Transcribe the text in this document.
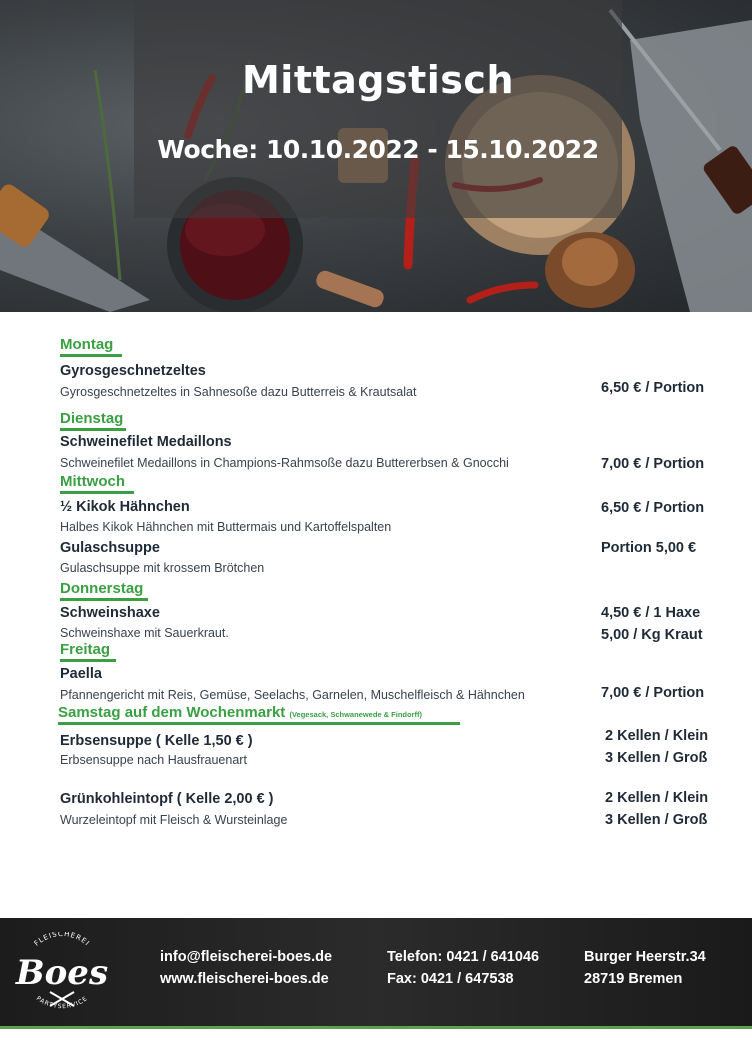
Mittagstisch
Woche: 10.10.2022 - 15.10.2022
Montag
Gyrosgeschnetzeltes
Gyrosgeschnetzeltes in Sahnesoße dazu Butterreis & Krautsalat	6,50 € / Portion
Dienstag
Schweinefilet Medaillons
Schweinefilet Medaillons in Champions-Rahmsoße dazu Buttererbsen & Gnocchi	7,00 € / Portion
Mittwoch
½ Kikok Hähnchen
Halbes Kikok Hähnchen mit Buttermais und Kartoffelspalten
6,50 € / Portion
Gulaschsuppe
Gulaschsuppe mit krossem Brötchen
Portion 5,00 €
Donnerstag
Schweinshaxe
Schweinshaxe mit Sauerkraut.
4,50 € / 1 Haxe
5,00 / Kg Kraut
Freitag
Paella
Pfannengericht mit Reis, Gemüse, Seelachs, Garnelen, Muschelfleisch & Hähnchen	7,00 € / Portion
Samstag auf dem Wochenmarkt (Vegesack, Schwanewede & Findorff)
Erbsensuppe ( Kelle 1,50 € )
Erbsensuppe nach Hausfrauenart
2 Kellen / Klein
3 Kellen / Groß
Grünkohleintopf ( Kelle 2,00 € )
Wurzeleintopf mit Fleisch & Wursteinlage
2 Kellen / Klein
3 Kellen / Groß
FLEISCHEREI
Boes
PARTYSERVICE
info@fleischerei-boes.de
www.fleischerei-boes.de
Telefon: 0421 / 641046
Fax: 0421 / 647538
Burger Heerstr.34
28719 Bremen
